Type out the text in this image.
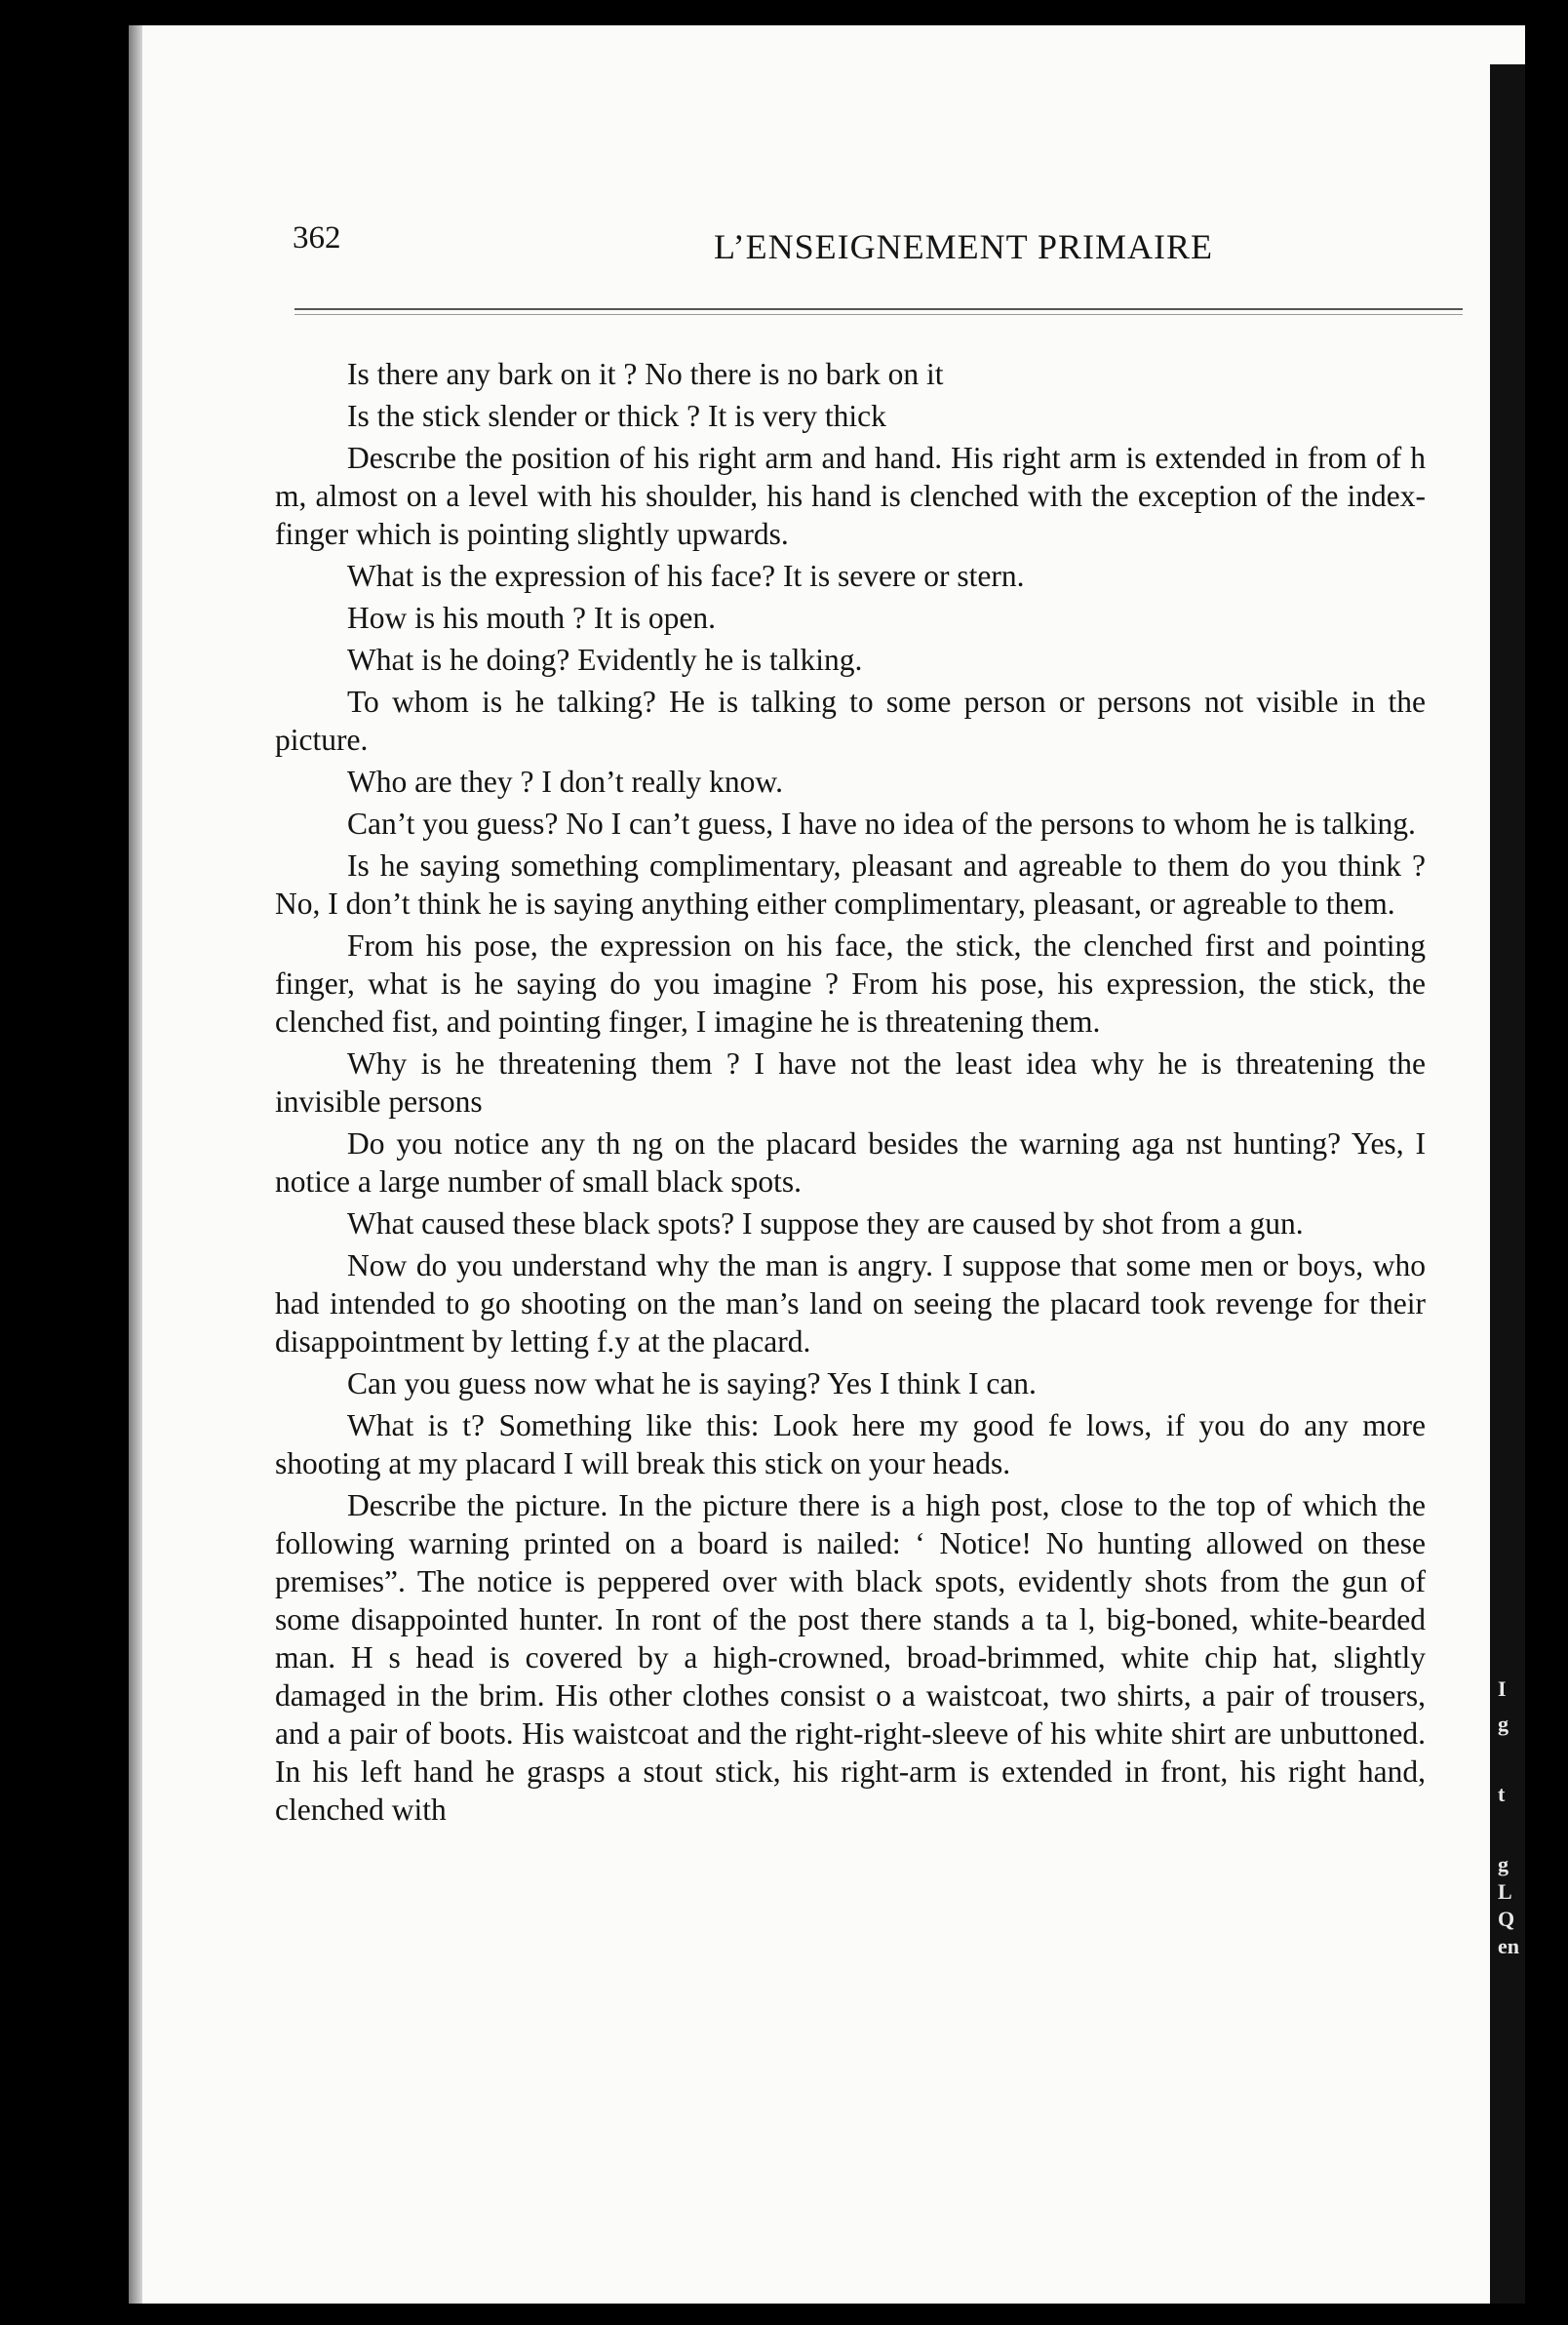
362	L’ENSEIGNEMENT PRIMAIRE

Is there any bark on it ? No there is no bark on it

Is the stick slender or thick ? It is very thick

Descrıbe the position of his right arm and hand. His right arm is extended in from of h m, almost on a level with his shoulder, his hand is clenched with the exception of the index-finger which is pointing slightly upwards.

What is the expression of his face? It is severe or stern.

How is his mouth ? It is open.

What is he doing? Evidently he is talking.

To whom is he talking? He is talking to some person or persons not visible in the picture.

Who are they ? I don’t really know.

Can’t you guess? No I can’t guess, I have no idea of the persons to whom he is talking.

Is he saying something complimentary, pleasant and agreable to them do you think ? No, I don’t think he is saying anything either complimentary, pleasant, or agreable to them.

From his pose, the expression on his face, the stick, the clenched first and pointing finger, what is he saying do you imagine ? From his pose, his expression, the stick, the clenched fist, and pointing finger, I imagine he is threatening them.

Why is he threatening them ? I have not the least idea why he is threatening the invisible persons

Do you notice any th ng on the placard besides the warning aga nst hunting? Yes, I notice a large number of small black spots.

What caused these black spots? I suppose they are caused by shot from a gun.

Now do you understand why the man is angry. I suppose that some men or boys, who had intended to go shooting on the man’s land on seeing the placard took revenge for their disappointment by letting f.y at the placard.

Can you guess now what he is saying? Yes I think I can.

What is t? Something like this: Look here my good fe lows, if you do any more shooting at my placard I will break this stick on your heads.

Describe the picture. In the picture there is a high post, close to the top of which the following warning printed on a board is nailed: ‘ Notice! No hunting allowed on these premises”. The notice is peppered over with black spots, evidently shots from the gun of some disappointed hunter. In ront of the post there stands a ta l, big-boned, white-bearded man. H s head is covered by a high-crowned, broad-brimmed, white chip hat, slightly damaged in the brim. His other clothes consist o a waistcoat, two shirts, a pair of trousers, and a pair of boots. His waistcoat and the right-right-sleeve of his white shirt are unbuttoned. In his left hand he grasps a stout stick, his right-arm is extended in front, his right hand, clenched with

I
g
t
g
L
Q
en
